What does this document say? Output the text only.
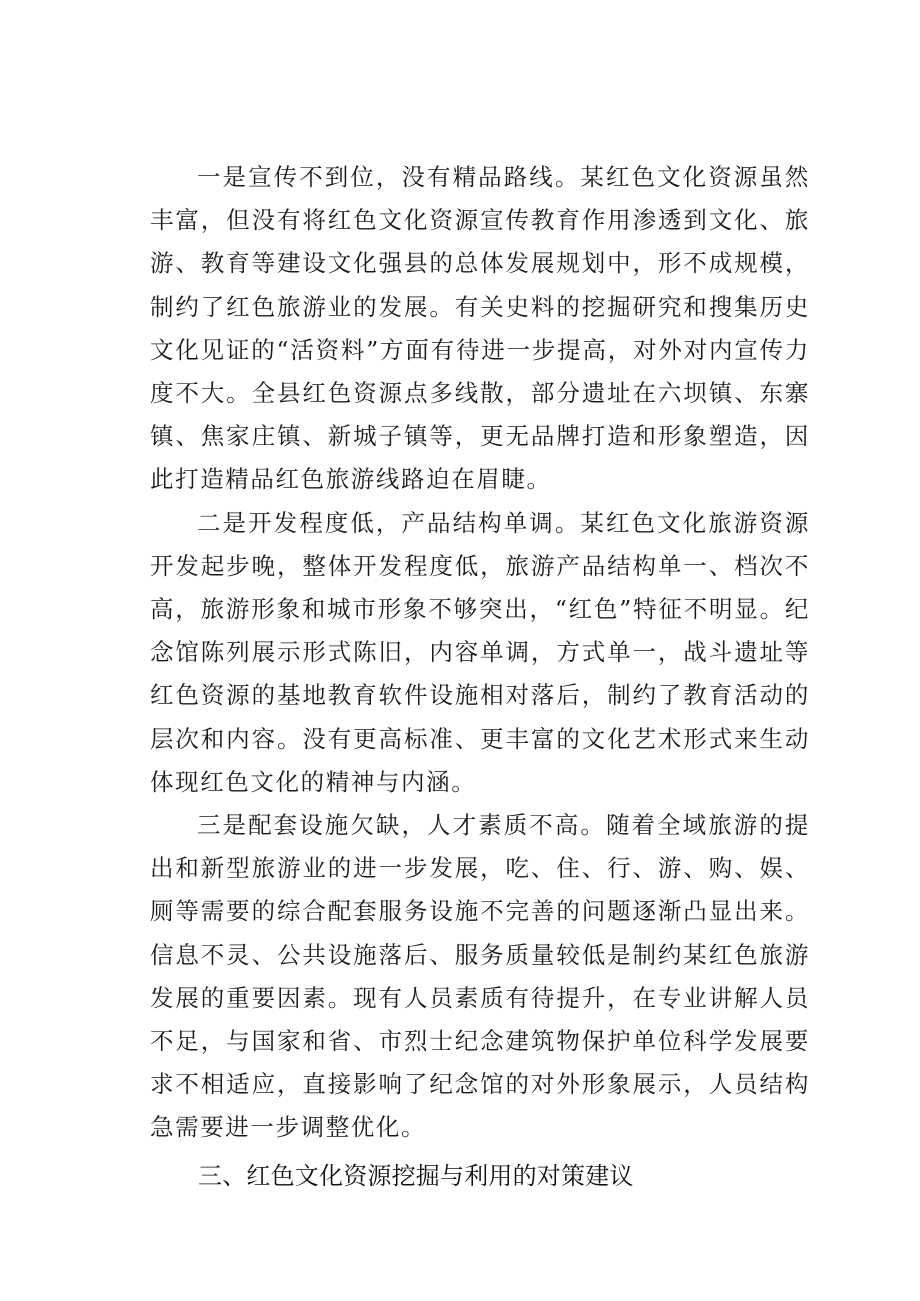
一是宣传不到位，没有精品路线。某红色文化资源虽然丰富，但没有将红色文化资源宣传教育作用渗透到文化、旅游、教育等建设文化强县的总体发展规划中，形不成规模，制约了红色旅游业的发展。有关史料的挖掘研究和搜集历史文化见证的“活资料”方面有待进一步提高，对外对内宣传力度不大。全县红色资源点多线散，部分遗址在六坝镇、东寨镇、焦家庄镇、新城子镇等，更无品牌打造和形象塑造，因此打造精品红色旅游线路迫在眉睫。

二是开发程度低，产品结构单调。某红色文化旅游资源开发起步晚，整体开发程度低，旅游产品结构单一、档次不高，旅游形象和城市形象不够突出，“红色”特征不明显。纪念馆陈列展示形式陈旧，内容单调，方式单一，战斗遗址等红色资源的基地教育软件设施相对落后，制约了教育活动的层次和内容。没有更高标准、更丰富的文化艺术形式来生动体现红色文化的精神与内涵。

三是配套设施欠缺，人才素质不高。随着全域旅游的提出和新型旅游业的进一步发展，吃、住、行、游、购、娱、厕等需要的综合配套服务设施不完善的问题逐渐凸显出来。信息不灵、公共设施落后、服务质量较低是制约某红色旅游发展的重要因素。现有人员素质有待提升，在专业讲解人员不足，与国家和省、市烈士纪念建筑物保护单位科学发展要求不相适应，直接影响了纪念馆的对外形象展示，人员结构急需要进一步调整优化。

三、红色文化资源挖掘与利用的对策建议
